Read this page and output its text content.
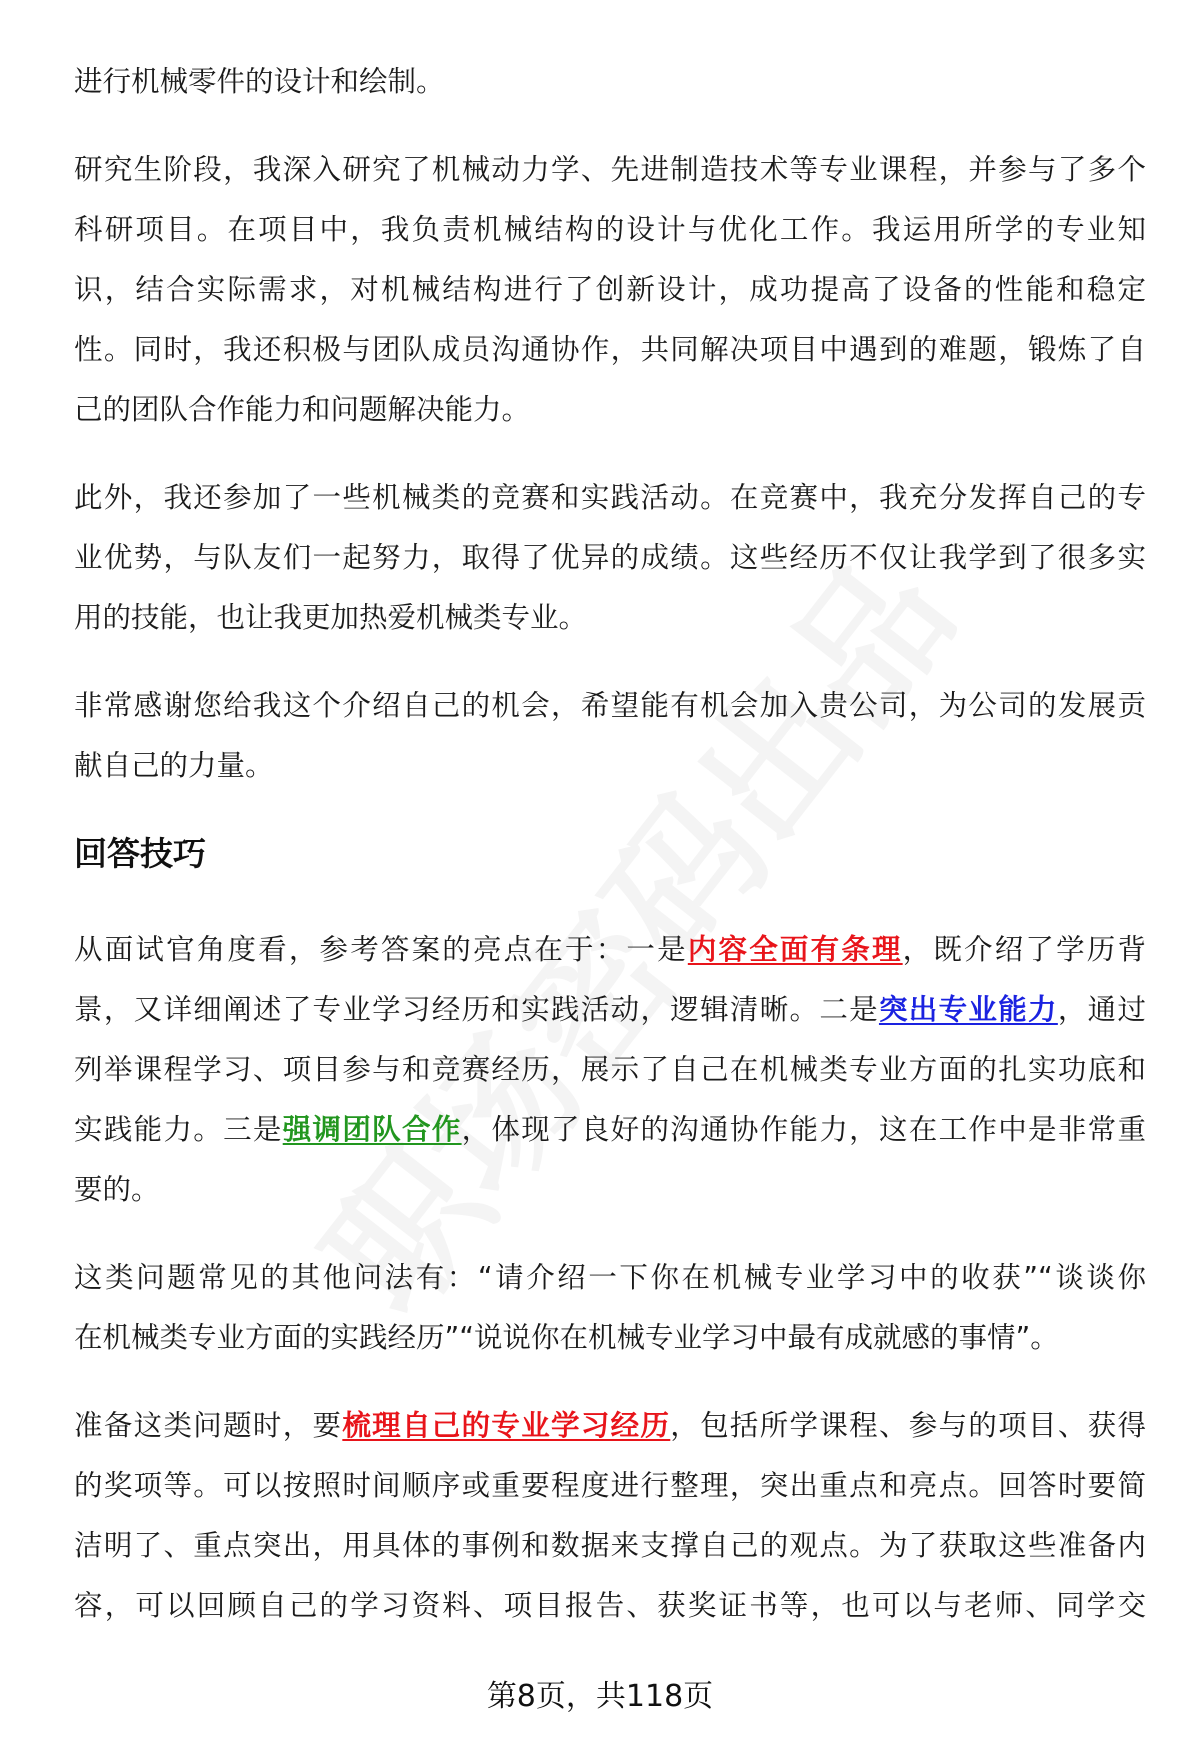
进行机械零件的设计和绘制。
研究生阶段，我深入研究了机械动力学、先进制造技术等专业课程，并参与了多个
科研项目。在项目中，我负责机械结构的设计与优化工作。我运用所学的专业知
识，结合实际需求，对机械结构进行了创新设计，成功提高了设备的性能和稳定
性。同时，我还积极与团队成员沟通协作，共同解决项目中遇到的难题，锻炼了自
己的团队合作能力和问题解决能力。
此外，我还参加了一些机械类的竞赛和实践活动。在竞赛中，我充分发挥自己的专
业优势，与队友们一起努力，取得了优异的成绩。这些经历不仅让我学到了很多实
用的技能，也让我更加热爱机械类专业。
非常感谢您给我这个介绍自己的机会，希望能有机会加入贵公司，为公司的发展贡
献自己的力量。
回答技巧
从面试官角度看，参考答案的亮点在于：一是内容全面有条理，既介绍了学历背
景，又详细阐述了专业学习经历和实践活动，逻辑清晰。二是突出专业能力，通过
列举课程学习、项目参与和竞赛经历，展示了自己在机械类专业方面的扎实功底和
实践能力。三是强调团队合作，体现了良好的沟通协作能力，这在工作中是非常重
要的。
这类问题常见的其他问法有：“请介绍一下你在机械专业学习中的收获”“谈谈你
在机械类专业方面的实践经历”“说说你在机械专业学习中最有成就感的事情”。
准备这类问题时，要梳理自己的专业学习经历，包括所学课程、参与的项目、获得
的奖项等。可以按照时间顺序或重要程度进行整理，突出重点和亮点。回答时要简
洁明了、重点突出，用具体的事例和数据来支撑自己的观点。为了获取这些准备内
容，可以回顾自己的学习资料、项目报告、获奖证书等，也可以与老师、同学交
第8页，共118页
